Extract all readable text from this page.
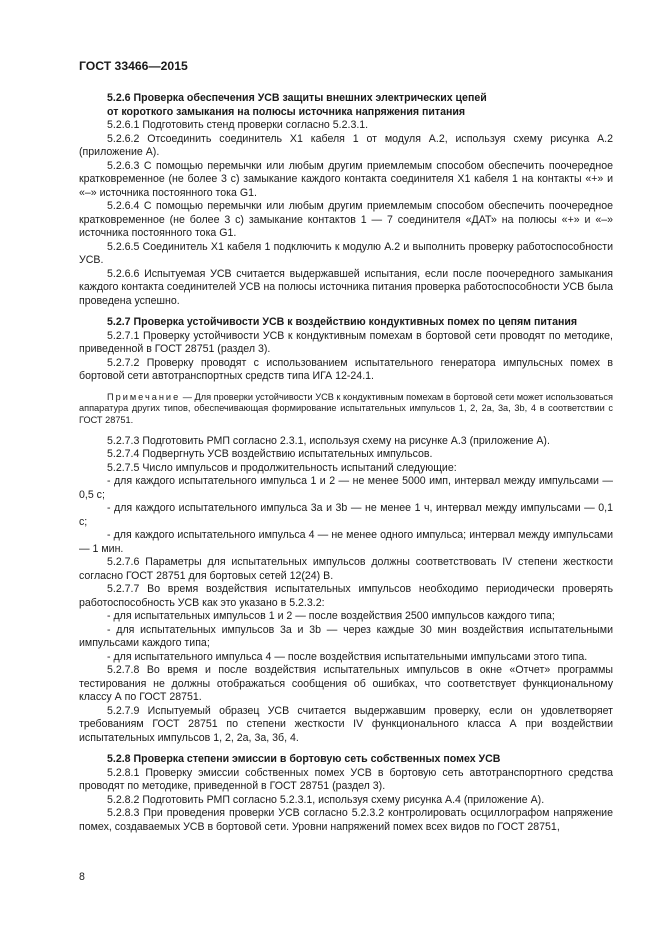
ГОСТ 33466—2015

5.2.6 Проверка обеспечения УСВ защиты внешних электрических цепей

от короткого замыкания на полюсы источника напряжения питания

5.2.6.1 Подготовить стенд проверки согласно 5.2.3.1.

5.2.6.2 Отсоединить соединитель Х1 кабеля 1 от модуля А.2, используя схему рисунка А.2 (приложение А).

5.2.6.3 С помощью перемычки или любым другим приемлемым способом обеспечить поочередное кратковременное (не более 3 с) замыкание каждого контакта соединителя Х1 кабеля 1 на контакты «+» и «–» источника постоянного тока G1.

5.2.6.4 С помощью перемычки или любым другим приемлемым способом обеспечить поочередное кратковременное (не более 3 с) замыкание контактов 1 — 7 соединителя «ДАТ» на полюсы «+» и «–» источника постоянного тока G1.

5.2.6.5 Соединитель Х1 кабеля 1 подключить к модулю А.2 и выполнить проверку работоспособности УСВ.

5.2.6.6 Испытуемая УСВ считается выдержавшей испытания, если после поочередного замыкания каждого контакта соединителей УСВ на полюсы источника питания проверка работоспособности УСВ была проведена успешно.

5.2.7 Проверка устойчивости УСВ к воздействию кондуктивных помех по цепям питания

5.2.7.1 Проверку устойчивости УСВ к кондуктивным помехам в бортовой сети проводят по методике, приведенной в ГОСТ 28751 (раздел 3).

5.2.7.2 Проверку проводят с использованием испытательного генератора импульсных помех в бортовой сети автотранспортных средств типа ИГА 12-24.1.

Примечание — Для проверки устойчивости УСВ к кондуктивным помехам в бортовой сети может использоваться аппаратура других типов, обеспечивающая формирование испытательных импульсов 1, 2, 2а, 3а, 3b, 4 в соответствии с ГОСТ 28751.

5.2.7.3 Подготовить РМП согласно 2.3.1, используя схему на рисунке А.3 (приложение А).

5.2.7.4 Подвергнуть УСВ воздействию испытательных импульсов.

5.2.7.5 Число импульсов и продолжительность испытаний следующие:

- для каждого испытательного импульса 1 и 2 — не менее 5000 имп, интервал между импульсами — 0,5 с;

- для каждого испытательного импульса 3а и 3b — не менее 1 ч, интервал между импульсами — 0,1 с;

- для каждого испытательного импульса 4 — не менее одного импульса; интервал между импульсами — 1 мин.

5.2.7.6 Параметры для испытательных импульсов должны соответствовать IV степени жесткости согласно ГОСТ 28751 для бортовых сетей 12(24) В.

5.2.7.7 Во время воздействия испытательных импульсов необходимо периодически проверять работоспособность УСВ как это указано в 5.2.3.2:

- для испытательных импульсов 1 и 2 — после воздействия 2500 импульсов каждого типа;

- для испытательных импульсов 3а и 3b — через каждые 30 мин воздействия испытательными импульсами каждого типа;

- для испытательного импульса 4 — после воздействия испытательными импульсами этого типа.

5.2.7.8 Во время и после воздействия испытательных импульсов в окне «Отчет» программы тестирования не должны отображаться сообщения об ошибках, что соответствует функциональному классу А по ГОСТ 28751.

5.2.7.9 Испытуемый образец УСВ считается выдержавшим проверку, если он удовлетворяет требованиям ГОСТ 28751 по степени жесткости IV функционального класса А при воздействии испытательных импульсов 1, 2, 2а, 3а, 3б, 4.

5.2.8 Проверка степени эмиссии в бортовую сеть собственных помех УСВ

5.2.8.1 Проверку эмиссии собственных помех УСВ в бортовую сеть автотранспортного средства проводят по методике, приведенной в ГОСТ 28751 (раздел 3).

5.2.8.2 Подготовить РМП согласно 5.2.3.1, используя схему рисунка А.4 (приложение А).

5.2.8.3 При проведения проверки УСВ согласно 5.2.3.2 контролировать осциллографом напряжение помех, создаваемых УСВ в бортовой сети. Уровни напряжений помех всех видов по ГОСТ 28751,

8
